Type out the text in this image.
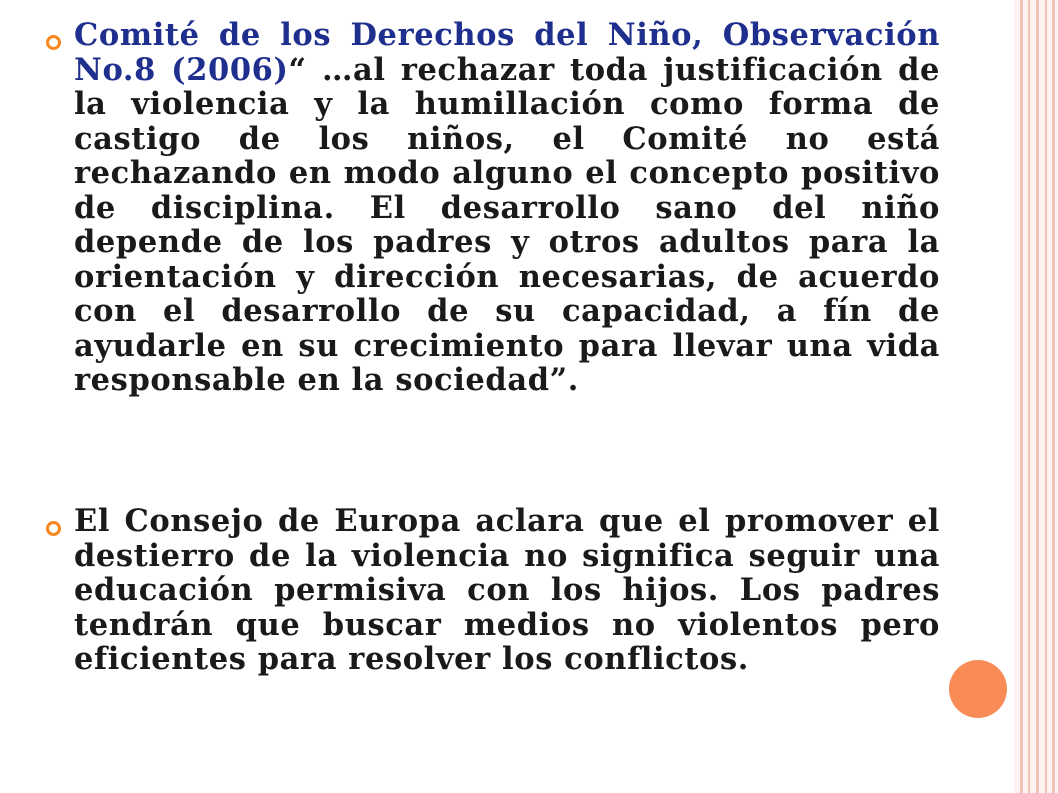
Comité de los Derechos del Niño, Observación No.8 (2006)“ …al rechazar toda justificación de la violencia y la humillación como forma de castigo de los niños, el Comité no está rechazando en modo alguno el concepto positivo de disciplina. El desarrollo sano del niño depende de los padres y otros adultos para la orientación y dirección necesarias, de acuerdo con el desarrollo de su capacidad, a fín de ayudarle en su crecimiento para llevar una vida responsable en la sociedad”.

El Consejo de Europa aclara que el promover el destierro de la violencia no significa seguir una educación permisiva con los hijos. Los padres tendrán que buscar medios no violentos pero eficientes para resolver los conflictos.
